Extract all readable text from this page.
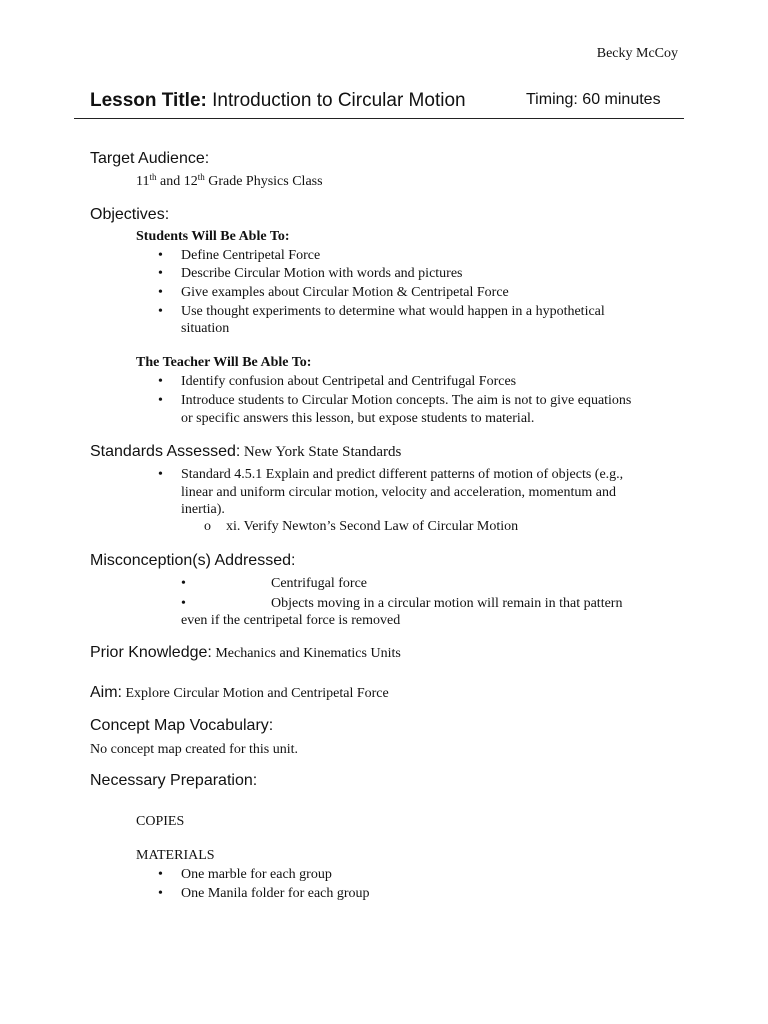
Becky McCoy
Lesson Title: Introduction to Circular Motion	Timing: 60 minutes
Target Audience:
11th and 12th Grade Physics Class
Objectives:
Students Will Be Able To:
• Define Centripetal Force
• Describe Circular Motion with words and pictures
• Give examples about Circular Motion & Centripetal Force
• Use thought experiments to determine what would happen in a hypothetical
situation
The Teacher Will Be Able To:
• Identify confusion about Centripetal and Centrifugal Forces
• Introduce students to Circular Motion concepts. The aim is not to give equations
or specific answers this lesson, but expose students to material.
Standards Assessed: New York State Standards
• Standard 4.5.1 Explain and predict different patterns of motion of objects (e.g.,
linear and uniform circular motion, velocity and acceleration, momentum and
inertia).
o xi. Verify Newton’s Second Law of Circular Motion
Misconception(s) Addressed:
•	Centrifugal force
•	Objects moving in a circular motion will remain in that pattern
even if the centripetal force is removed
Prior Knowledge: Mechanics and Kinematics Units
Aim: Explore Circular Motion and Centripetal Force
Concept Map Vocabulary:
No concept map created for this unit.
Necessary Preparation:
COPIES
MATERIALS
• One marble for each group
• One Manila folder for each group
